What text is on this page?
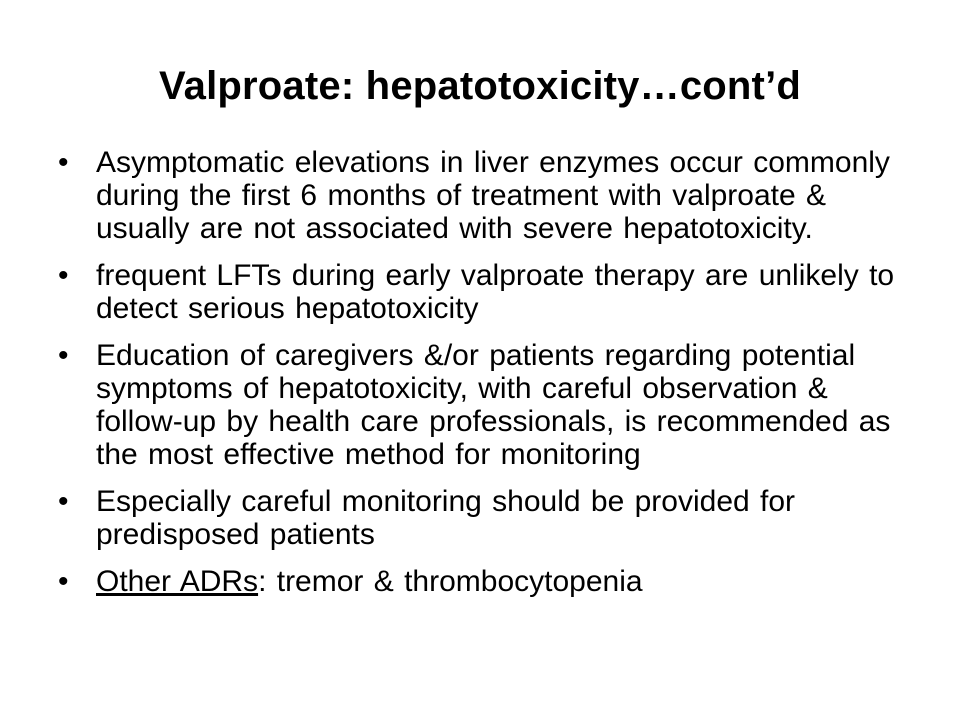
Valproate: hepatotoxicity…cont’d
• Asymptomatic elevations in liver enzymes occur commonly during the first 6 months of treatment with valproate & usually are not associated with severe hepatotoxicity.
• frequent LFTs during early valproate therapy are unlikely to detect serious hepatotoxicity
• Education of caregivers &/or patients regarding potential symptoms of hepatotoxicity, with careful observation & follow-up by health care professionals, is recommended as the most effective method for monitoring
• Especially careful monitoring should be provided for predisposed patients
• Other ADRs: tremor & thrombocytopenia
